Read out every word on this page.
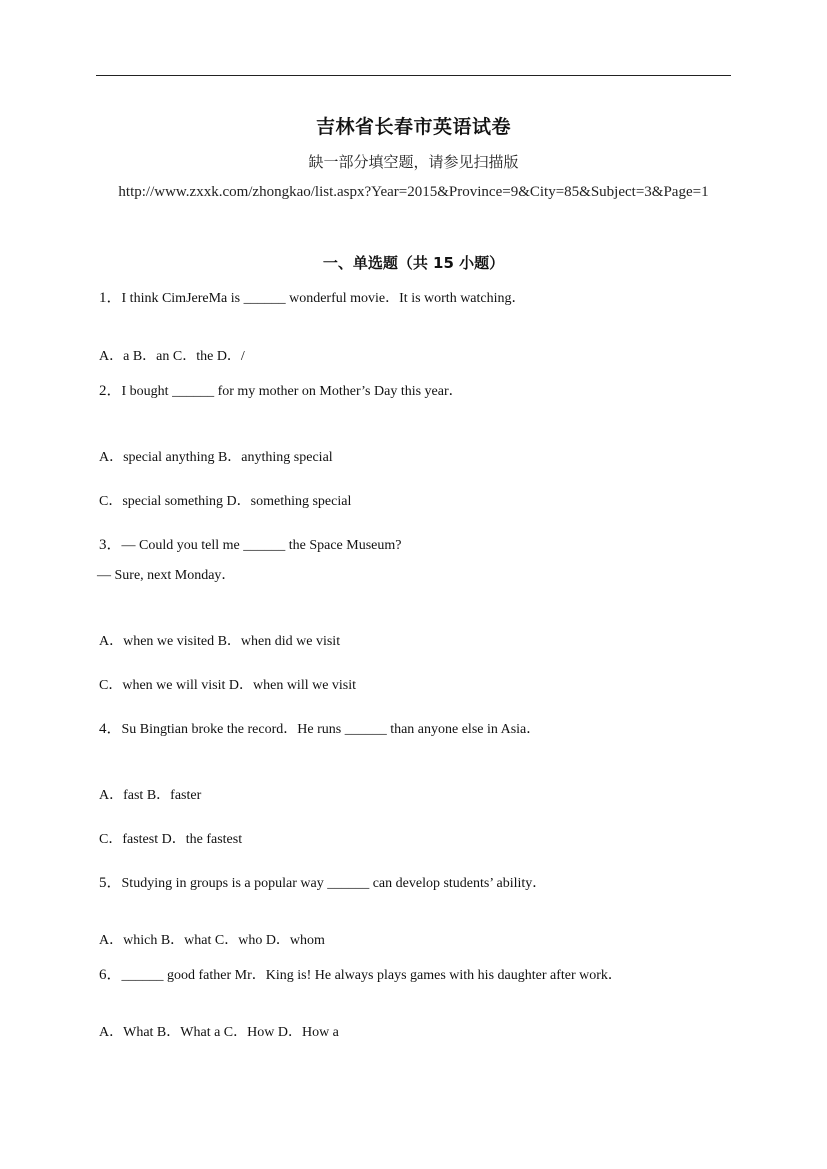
吉林省长春市英语试卷
缺一部分填空题，请参见扫描版
http://www.zxxk.com/zhongkao/list.aspx?Year=2015&Province=9&City=85&Subject=3&Page=1
一、单选题（共 15 小题）
1．I think CimJereMa is ______ wonderful movie．It is worth watching．
A．a B．an C．the D．/
2．I bought ______ for my mother on Mother’s Day this year．
A．special anything B．anything special
C．special something D．something special
3．— Could you tell me ______ the Space Museum?
— Sure, next Monday．
A．when we visited B．when did we visit
C．when we will visit D．when will we visit
4．Su Bingtian broke the record．He runs ______ than anyone else in Asia．
A．fast B．faster
C．fastest D．the fastest
5．Studying in groups is a popular way ______ can develop students’ ability．
A．which B．what C．who D．whom
6．______ good father Mr．King is! He always plays games with his daughter after work．
A．What B．What a C．How D．How a
